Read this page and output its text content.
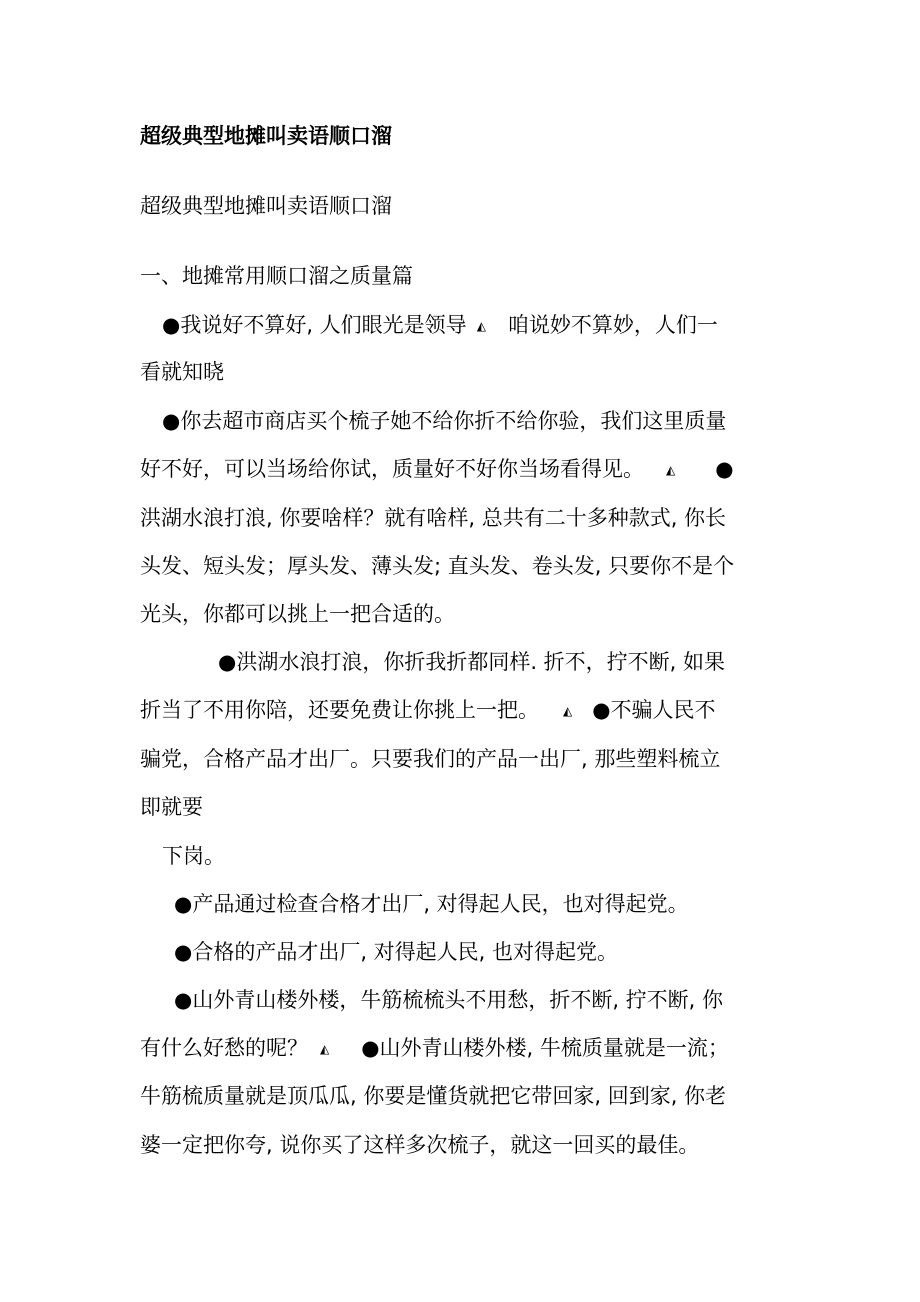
超级典型地摊叫卖语顺口溜
超级典型地摊叫卖语顺口溜
一、地摊常用顺口溜之质量篇
●我说好不算好, 人们眼光是领导 ◭ 咱说妙不算妙，人们一
看就知晓
●你去超市商店买个梳子她不给你折不给你验，我们这里质量
好不好，可以当场给你试，质量好不好你当场看得见。 ◭ ●
洪湖水浪打浪, 你要啥样？就有啥样, 总共有二十多种款式, 你长
头发、短头发；厚头发、薄头发; 直头发、卷头发, 只要你不是个
光头，你都可以挑上一把合适的。
●洪湖水浪打浪，你折我折都同样. 折不，拧不断, 如果
折当了不用你陪，还要免费让你挑上一把。 ◭ ●不骗人民不
骗党，合格产品才出厂。只要我们的产品一出厂, 那些塑料梳立
即就要
下岗。
●产品通过检查合格才出厂, 对得起人民，也对得起党。
●合格的产品才出厂, 对得起人民, 也对得起党。
●山外青山楼外楼，牛筋梳梳头不用愁，折不断, 拧不断, 你
有什么好愁的呢？ ◭ ●山外青山楼外楼, 牛梳质量就是一流；
牛筋梳质量就是顶瓜瓜, 你要是懂货就把它带回家, 回到家, 你老
婆一定把你夸, 说你买了这样多次梳子，就这一回买的最佳。
